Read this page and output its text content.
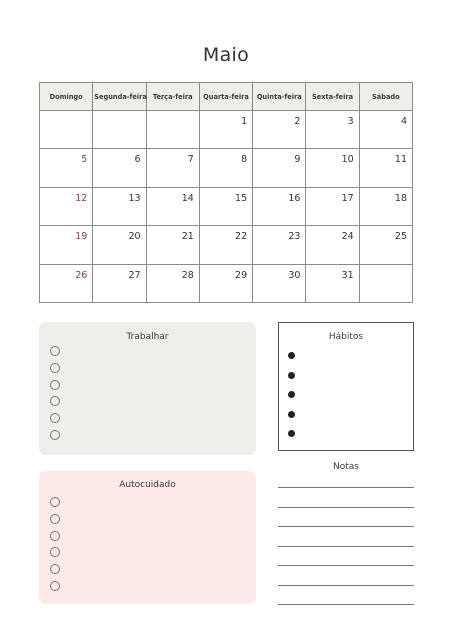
Maio
Domingo	Segunda-feira	Terça-feira	Quarta-feira	Quinta-feira	Sexta-feira	Sábado
			1	2	3	4
5	6	7	8	9	10	11
12	13	14	15	16	17	18
19	20	21	22	23	24	25
26	27	28	29	30	31	
Trabalhar
Autocuidado
Hábitos
Notas
